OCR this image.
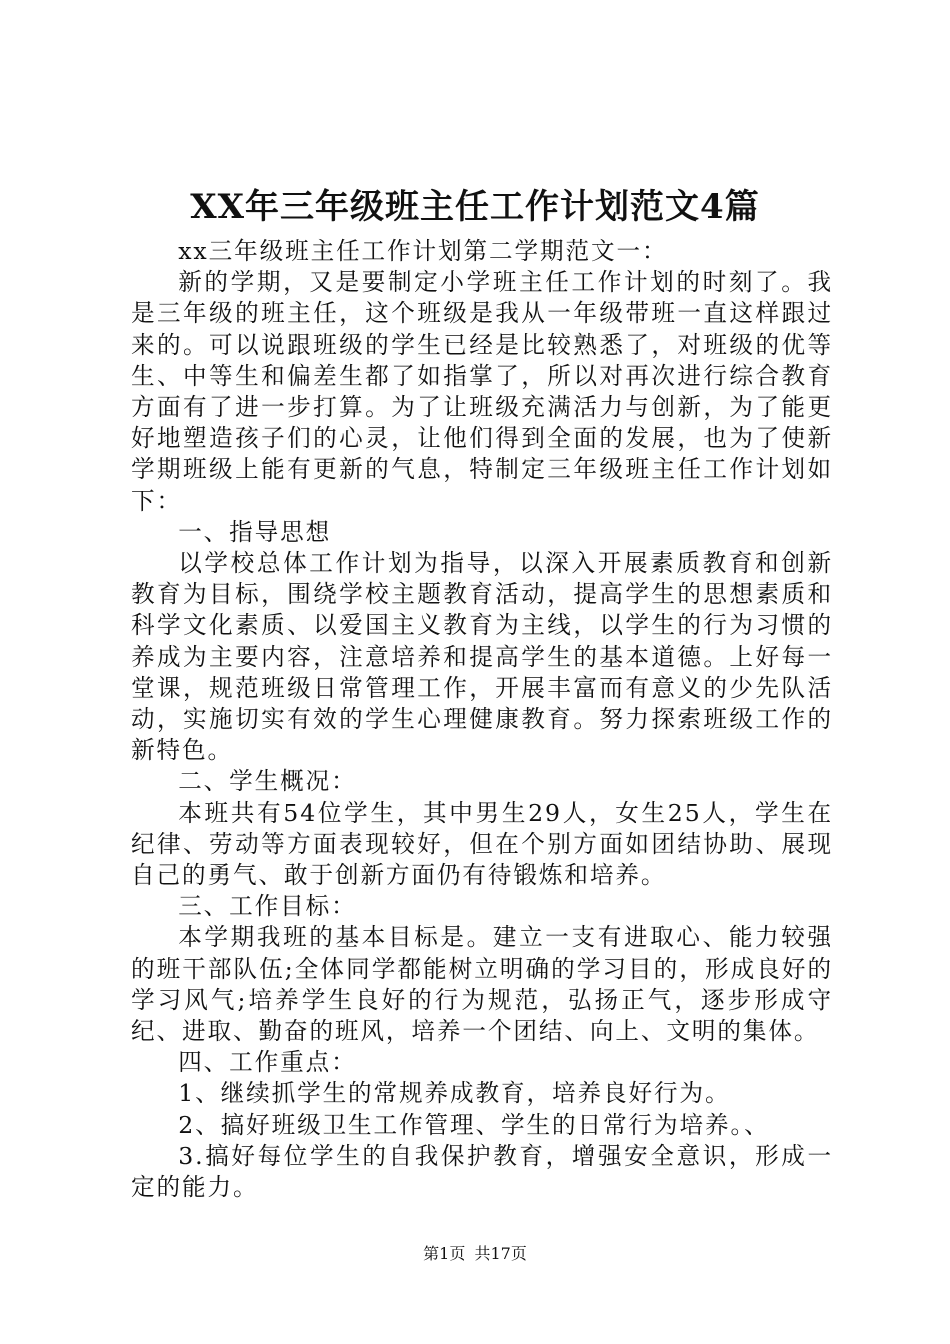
XX年三年级班主任工作计划范文4篇

xx三年级班主任工作计划第二学期范文一：

新的学期，又是要制定小学班主任工作计划的时刻了。我是三年级的班主任，这个班级是我从一年级带班一直这样跟过来的。可以说跟班级的学生已经是比较熟悉了，对班级的优等生、中等生和偏差生都了如指掌了，所以对再次进行综合教育方面有了进一步打算。为了让班级充满活力与创新，为了能更好地塑造孩子们的心灵，让他们得到全面的发展，也为了使新学期班级上能有更新的气息，特制定三年级班主任工作计划如下：

一、指导思想

以学校总体工作计划为指导，以深入开展素质教育和创新教育为目标，围绕学校主题教育活动，提高学生的思想素质和科学文化素质、以爱国主义教育为主线，以学生的行为习惯的养成为主要内容，注意培养和提高学生的基本道德。上好每一堂课，规范班级日常管理工作，开展丰富而有意义的少先队活动，实施切实有效的学生心理健康教育。努力探索班级工作的新特色。

二、学生概况：

本班共有54位学生，其中男生29人，女生25人，学生在纪律、劳动等方面表现较好，但在个别方面如团结协助、展现自己的勇气、敢于创新方面仍有待锻炼和培养。

三、工作目标：

本学期我班的基本目标是。建立一支有进取心、能力较强的班干部队伍;全体同学都能树立明确的学习目的，形成良好的学习风气;培养学生良好的行为规范，弘扬正气，逐步形成守纪、进取、勤奋的班风，培养一个团结、向上、文明的集体。

四、工作重点：

1、继续抓学生的常规养成教育，培养良好行为。

2、搞好班级卫生工作管理、学生的日常行为培养。、

3.搞好每位学生的自我保护教育，增强安全意识，形成一定的能力。

第1页 共17页
